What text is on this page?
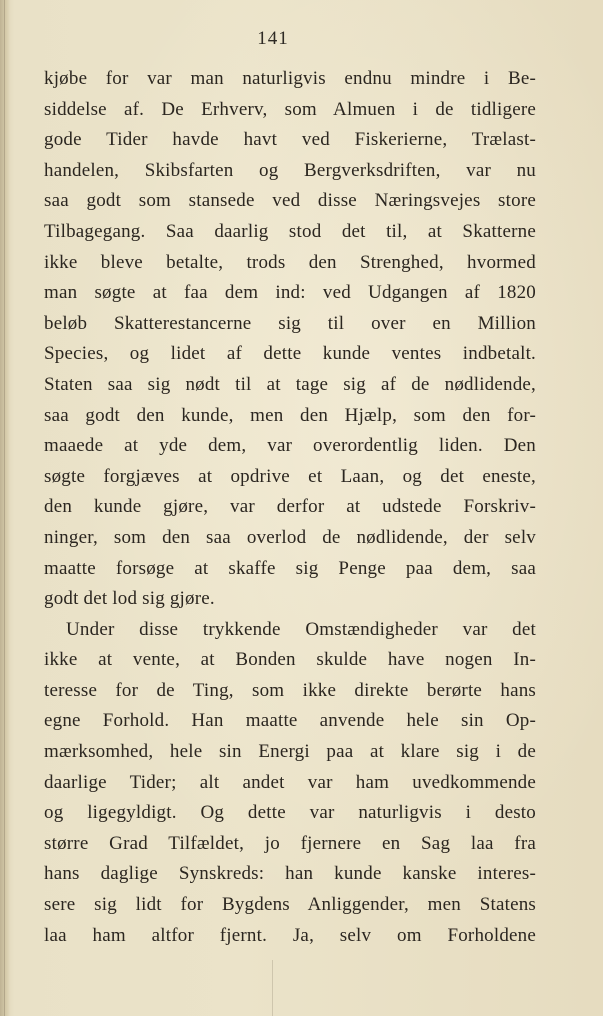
141
kjøbe for var man naturligvis endnu mindre i Be-
siddelse af. De Erhverv, som Almuen i de tidligere
gode Tider havde havt ved Fiskerierne, Trælast-
handelen, Skibsfarten og Bergverksdriften, var nu
saa godt som stansede ved disse Næringsvejes store
Tilbagegang. Saa daarlig stod det til, at Skatterne
ikke bleve betalte, trods den Strenghed, hvormed
man søgte at faa dem ind: ved Udgangen af 1820
beløb Skatterestancerne sig til over en Million
Species, og lidet af dette kunde ventes indbetalt.
Staten saa sig nødt til at tage sig af de nødlidende,
saa godt den kunde, men den Hjælp, som den for-
maaede at yde dem, var overordentlig liden. Den
søgte forgjæves at opdrive et Laan, og det eneste,
den kunde gjøre, var derfor at udstede Forskriv-
ninger, som den saa overlod de nødlidende, der selv
maatte forsøge at skaffe sig Penge paa dem, saa
godt det lod sig gjøre.
Under disse trykkende Omstændigheder var det
ikke at vente, at Bonden skulde have nogen In-
teresse for de Ting, som ikke direkte berørte hans
egne Forhold. Han maatte anvende hele sin Op-
mærksomhed, hele sin Energi paa at klare sig i de
daarlige Tider; alt andet var ham uvedkommende
og ligegyldigt. Og dette var naturligvis i desto
større Grad Tilfældet, jo fjernere en Sag laa fra
hans daglige Synskreds: han kunde kanske interes-
sere sig lidt for Bygdens Anliggender, men Statens
laa ham altfor fjernt. Ja, selv om Forholdene
